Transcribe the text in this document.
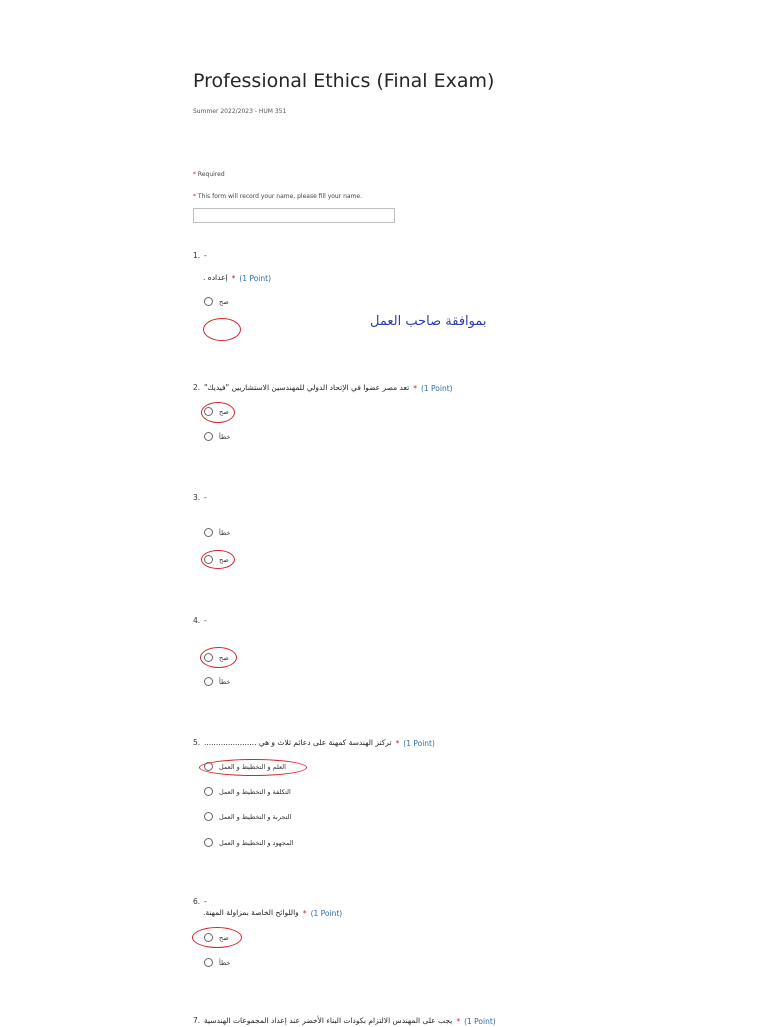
Professional Ethics (Final Exam)
Summer 2022/2023 - HUM 351
* Required
* This form will record your name, please fill your name.
1. -
إعداده . * (1 Point)
صح
بموافقة صاحب العمل
2. تعد مصر عضوا في الإتحاد الدولي للمهندسين الاستشاريين "فيديك" * (1 Point)
صح
خطأ
3. -
خطأ
صح
4. -
صح
خطأ
5. تركتز الهندسة كمهنة على دعائم ثلاث و هي ...................... * (1 Point)
العلم و التخطيط و العمل
التكلفة و التخطيط و العمل
التجربة و التخطيط و العمل
المجهود و التخطيط و العمل
6. -
واللوائح الخاصة بمزاولة المهنة. * (1 Point)
صح
خطأ
7. يجب على المهندس الالتزام بكودات البناء الأخضر عند إعداد المجموعات الهندسية * (1 Point)
